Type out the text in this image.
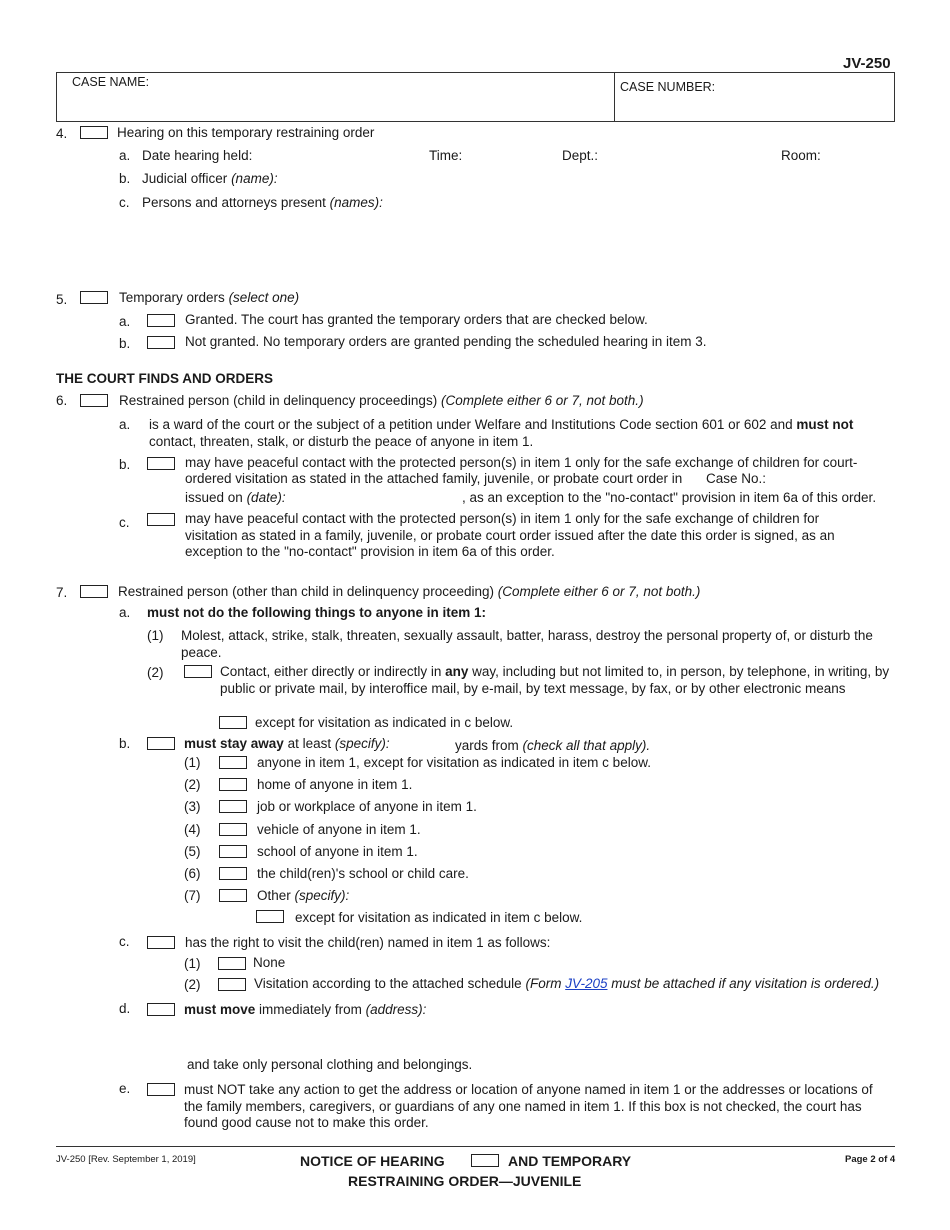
JV-250
CASE NAME:	CASE NUMBER:
4.	Hearing on this temporary restraining order
a. Date hearing held:	Time:	Dept.:	Room:
b. Judicial officer (name):
c. Persons and attorneys present (names):
5.	Temporary orders (select one)
a.	Granted. The court has granted the temporary orders that are checked below.
b.	Not granted. No temporary orders are granted pending the scheduled hearing in item 3.
THE COURT FINDS AND ORDERS
6.	Restrained person (child in delinquency proceedings) (Complete either 6 or 7, not both.)
a. is a ward of the court or the subject of a petition under Welfare and Institutions Code section 601 or 602 and must not contact, threaten, stalk, or disturb the peace of anyone in item 1.
b.	may have peaceful contact with the protected person(s) in item 1 only for the safe exchange of children for court-
ordered visitation as stated in the attached family, juvenile, or probate court order in Case No.:
issued on (date):	, as an exception to the "no-contact" provision in item 6a of this order.
c.	may have peaceful contact with the protected person(s) in item 1 only for the safe exchange of children for visitation as stated in a family, juvenile, or probate court order issued after the date this order is signed, as an exception to the "no-contact" provision in item 6a of this order.
7.	Restrained person (other than child in delinquency proceeding) (Complete either 6 or 7, not both.)
a. must not do the following things to anyone in item 1:
(1) Molest, attack, strike, stalk, threaten, sexually assault, batter, harass, destroy the personal property of, or disturb the peace.
(2)	Contact, either directly or indirectly in any way, including but not limited to, in person, by telephone, in writing, by public or private mail, by interoffice mail, by e-mail, by text message, by fax, or by other electronic means
except for visitation as indicated in c below.
b.	must stay away at least (specify):	yards from (check all that apply).
(1)	anyone in item 1, except for visitation as indicated in item c below.
(2)	home of anyone in item 1.
(3)	job or workplace of anyone in item 1.
(4)	vehicle of anyone in item 1.
(5)	school of anyone in item 1.
(6)	the child(ren)'s school or child care.
(7)	Other (specify):
except for visitation as indicated in item c below.
c.	has the right to visit the child(ren) named in item 1 as follows:
(1)	None
(2)	Visitation according to the attached schedule (Form JV-205 must be attached if any visitation is ordered.)
d.	must move immediately from (address):
and take only personal clothing and belongings.
e.	must NOT take any action to get the address or location of anyone named in item 1 or the addresses or locations of the family members, caregivers, or guardians of any one named in item 1. If this box is not checked, the court has found good cause not to make this order.
JV-250 [Rev. September 1, 2019]	NOTICE OF HEARING	AND TEMPORARY
RESTRAINING ORDER—JUVENILE
Page 2 of 4
